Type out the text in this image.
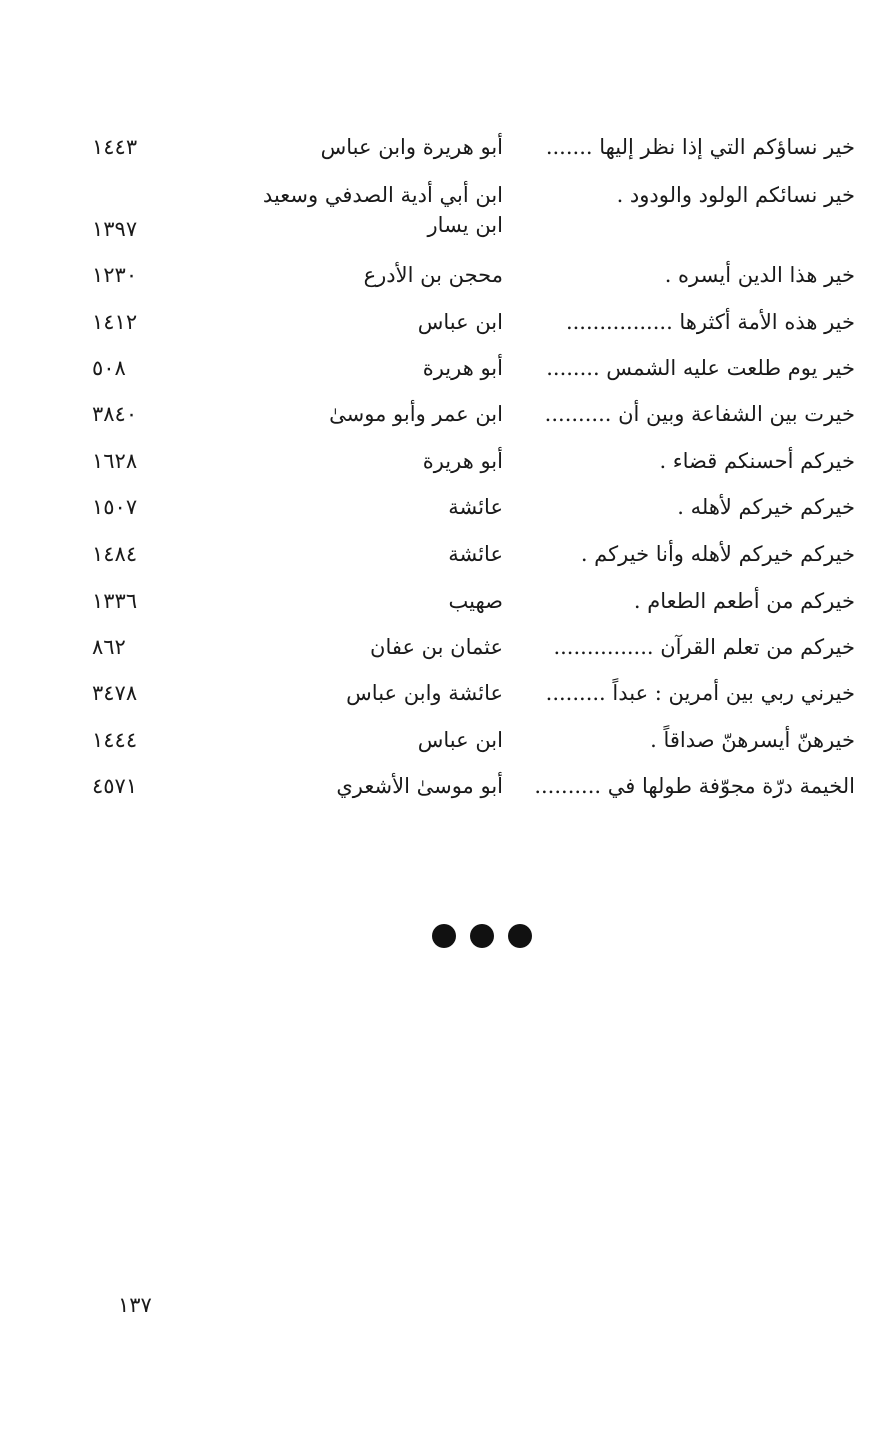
خير نساؤكم التي إذا نظر إليها .......
أبو هريرة وابن عباس
١٤٤٣
خير نسائكم الولود والودود .
ابن أبي أدية الصدفي وسعيد
ابن يسار
١٣٩٧
خير هذا الدين أيسره .
محجن بن الأدرع
١٢٣٠
خير هذه الأمة أكثرها ................
ابن عباس
١٤١٢
خير يوم طلعت عليه الشمس ........
أبو هريرة
٥٠٨
خيرت بين الشفاعة وبين أن ..........
ابن عمر وأبو موسىٰ
٣٨٤٠
خيركم أحسنكم قضاء .
أبو هريرة
١٦٢٨
خيركم خيركم لأهله .
عائشة
١٥٠٧
خيركم خيركم لأهله وأنا خيركم .
عائشة
١٤٨٤
خيركم من أطعم الطعام .
صهيب
١٣٣٦
خيركم من تعلم القرآن ...............
عثمان بن عفان
٨٦٢
خيرني ربي بين أمرين : عبداً .........
عائشة وابن عباس
٣٤٧٨
خيرهنّ أيسرهنّ صداقاً .
ابن عباس
١٤٤٤
الخيمة درّة مجوّفة طولها في ..........
أبو موسىٰ الأشعري
٤٥٧١
١٣٧
